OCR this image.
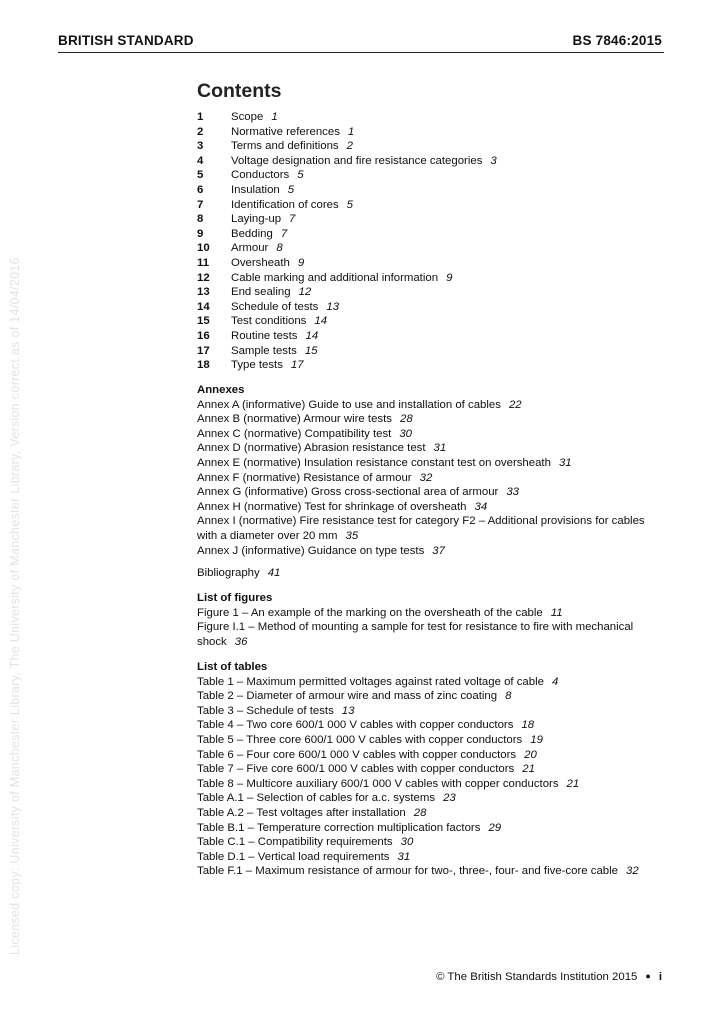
BRITISH STANDARD	BS 7846:2015
Licensed copy: University of Manchester Library, The University of Manchester Library, Version correct as of 14/04/2016
Contents
1	Scope 1
2	Normative references 1
3	Terms and definitions 2
4	Voltage designation and fire resistance categories 3
5	Conductors 5
6	Insulation 5
7	Identification of cores 5
8	Laying-up 7
9	Bedding 7
10	Armour 8
11	Oversheath 9
12	Cable marking and additional information 9
13	End sealing 12
14	Schedule of tests 13
15	Test conditions 14
16	Routine tests 14
17	Sample tests 15
18	Type tests 17
Annexes
Annex A (informative) Guide to use and installation of cables 22
Annex B (normative) Armour wire tests 28
Annex C (normative) Compatibility test 30
Annex D (normative) Abrasion resistance test 31
Annex E (normative) Insulation resistance constant test on oversheath 31
Annex F (normative) Resistance of armour 32
Annex G (informative) Gross cross-sectional area of armour 33
Annex H (normative) Test for shrinkage of oversheath 34
Annex I (normative) Fire resistance test for category F2 – Additional provisions for cables with a diameter over 20 mm 35
Annex J (informative) Guidance on type tests 37
Bibliography 41
List of figures
Figure 1 – An example of the marking on the oversheath of the cable 11
Figure I.1 – Method of mounting a sample for test for resistance to fire with mechanical shock 36
List of tables
Table 1 – Maximum permitted voltages against rated voltage of cable 4
Table 2 – Diameter of armour wire and mass of zinc coating 8
Table 3 – Schedule of tests 13
Table 4 – Two core 600/1 000 V cables with copper conductors 18
Table 5 – Three core 600/1 000 V cables with copper conductors 19
Table 6 – Four core 600/1 000 V cables with copper conductors 20
Table 7 – Five core 600/1 000 V cables with copper conductors 21
Table 8 – Multicore auxiliary 600/1 000 V cables with copper conductors 21
Table A.1 – Selection of cables for a.c. systems 23
Table A.2 – Test voltages after installation 28
Table B.1 – Temperature correction multiplication factors 29
Table C.1 – Compatibility requirements 30
Table D.1 – Vertical load requirements 31
Table F.1 – Maximum resistance of armour for two-, three-, four- and five-core cable 32
© The British Standards Institution 2015 ● i
